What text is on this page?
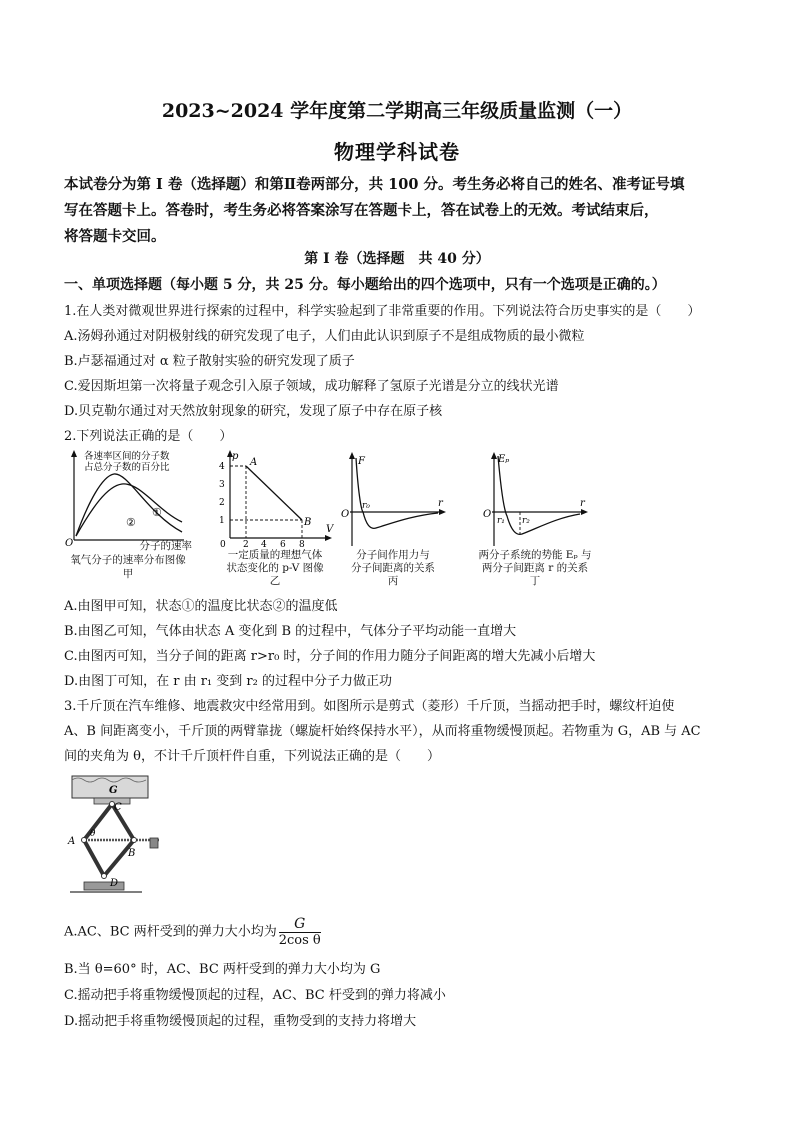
2023~2024 学年度第二学期高三年级质量监测（一）
物理学科试卷
本试卷分为第 I 卷（选择题）和第Ⅱ卷两部分，共 100 分。考生务必将自己的姓名、准考证号填
写在答题卡上。答卷时，考生务必将答案涂写在答题卡上，答在试卷上的无效。考试结束后，
将答题卡交回。
第 I 卷（选择题　共 40 分）
一、单项选择题（每小题 5 分，共 25 分。每小题给出的四个选项中，只有一个选项是正确的。）
1.在人类对微观世界进行探索的过程中，科学实验起到了非常重要的作用。下列说法符合历史事实的是（　　）
A.汤姆孙通过对阴极射线的研究发现了电子，人们由此认识到原子不是组成物质的最小微粒
B.卢瑟福通过对 α 粒子散射实验的研究发现了质子
C.爱因斯坦第一次将量子观念引入原子领域，成功解释了氢原子光谱是分立的线状光谱
D.贝克勒尔通过对天然放射现象的研究，发现了原子中存在原子核
2.下列说法正确的是（　　）
各速率区间的分子数
占总分子数的百分比
①
②
O	分子的速率
氧气分子的速率分布图像
甲
p
V
A
B
4
3
2
1
2 4 6 8
0
一定质量的理想气体
状态变化的 p-V 图像
乙
F
r
r₀
O
分子间作用力与
分子间距离的关系
丙
Eₚ
r
r₁ r₂
O
两分子系统的势能 Eₚ 与
两分子间距离 r 的关系
丁
A.由图甲可知，状态①的温度比状态②的温度低
B.由图乙可知，气体由状态 A 变化到 B 的过程中，气体分子平均动能一直增大
C.由图丙可知，当分子间的距离 r>r₀ 时，分子间的作用力随分子间距离的增大先减小后增大
D.由图丁可知，在 r 由 r₁ 变到 r₂ 的过程中分子力做正功
3.千斤顶在汽车维修、地震救灾中经常用到。如图所示是剪式（菱形）千斤顶，当摇动把手时，螺纹杆迫使
A、B 间距离变小，千斤顶的两臂靠拢（螺旋杆始终保持水平），从而将重物缓慢顶起。若物重为 G，AB 与 AC
间的夹角为 θ，不计千斤顶杆件自重，下列说法正确的是（　　）
G
C
A
B
D
θ
A.AC、BC 两杆受到的弹力大小均为 $\frac{G}{\text{2cos θ}}$
B.当 θ=60° 时，AC、BC 两杆受到的弹力大小均为 G
C.摇动把手将重物缓慢顶起的过程，AC、BC 杆受到的弹力将减小
D.摇动把手将重物缓慢顶起的过程，重物受到的支持力将增大
